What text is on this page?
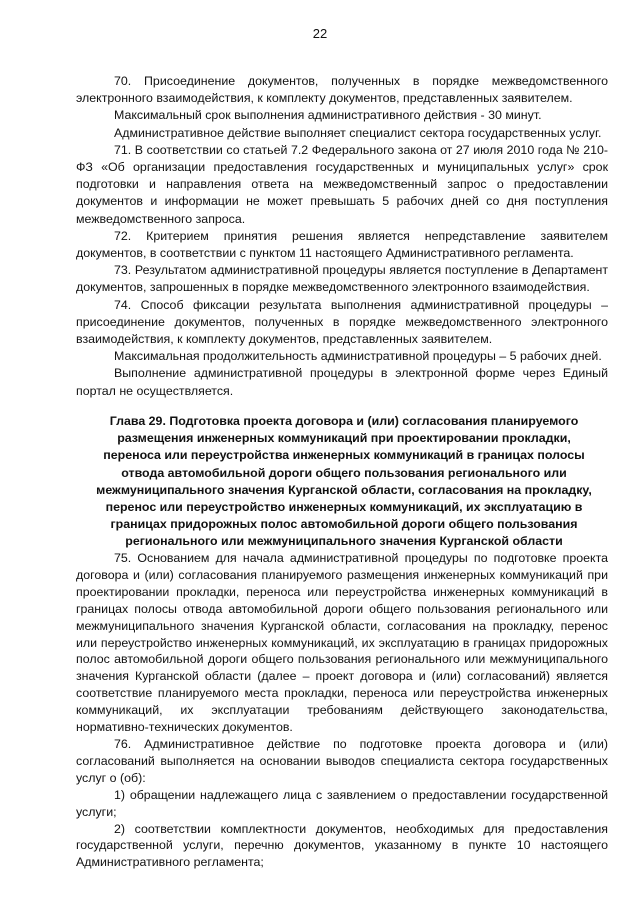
22

70. Присоединение документов, полученных в порядке межведомственного электронного взаимодействия, к комплекту документов, представленных заявителем.

Максимальный срок выполнения административного действия - 30 минут.

Административное действие выполняет специалист сектора государственных услуг.

71. В соответствии со статьей 7.2 Федерального закона от 27 июля 2010 года № 210-ФЗ «Об организации предоставления государственных и муниципальных услуг» срок подготовки и направления ответа на межведомственный запрос о предоставлении документов и информации не может превышать 5 рабочих дней со дня поступления межведомственного запроса.

72. Критерием принятия решения является непредставление заявителем документов, в соответствии с пунктом 11 настоящего Административного регламента.

73. Результатом административной процедуры является поступление в Департамент документов, запрошенных в порядке межведомственного электронного взаимодействия.

74. Способ фиксации результата выполнения административной процедуры – присоединение документов, полученных в порядке межведомственного электронного взаимодействия, к комплекту документов, представленных заявителем.

Максимальная продолжительность административной процедуры – 5 рабочих дней.

Выполнение административной процедуры в электронной форме через Единый портал не осуществляется.

Глава 29. Подготовка проекта договора и (или) согласования планируемого
размещения инженерных коммуникаций при проектировании прокладки,
переноса или переустройства инженерных коммуникаций в границах полосы
отвода автомобильной дороги общего пользования регионального или
межмуниципального значения Курганской области, согласования на прокладку,
перенос или переустройство инженерных коммуникаций, их эксплуатацию в
границах придорожных полос автомобильной дороги общего пользования
регионального или межмуниципального значения Курганской области

75. Основанием для начала административной процедуры по подготовке проекта договора и (или) согласования планируемого размещения инженерных коммуникаций при проектировании прокладки, переноса или переустройства инженерных коммуникаций в границах полосы отвода автомобильной дороги общего пользования регионального или межмуниципального значения Курганской области, согласования на прокладку, перенос или переустройство инженерных коммуникаций, их эксплуатацию в границах придорожных полос автомобильной дороги общего пользования регионального или межмуниципального значения Курганской области (далее – проект договора и (или) согласований) является соответствие планируемого места прокладки, переноса или переустройства инженерных коммуникаций, их эксплуатации требованиям действующего законодательства, нормативно-технических документов.

76. Административное действие по подготовке проекта договора и (или) согласований выполняется на основании выводов специалиста сектора государственных услуг о (об):

1) обращении надлежащего лица с заявлением о предоставлении государственной услуги;

2) соответствии комплектности документов, необходимых для предоставления государственной услуги, перечню документов, указанному в пункте 10 настоящего Административного регламента;
